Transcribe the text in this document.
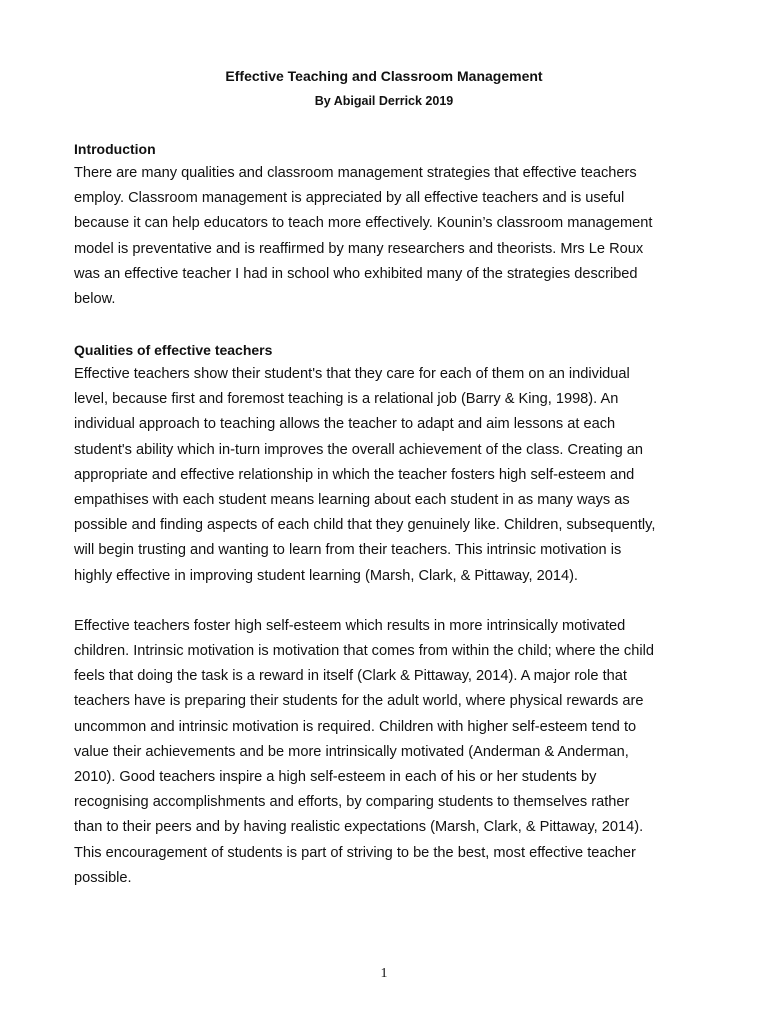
Effective Teaching and Classroom Management
By Abigail Derrick 2019

Introduction

There are many qualities and classroom management strategies that effective teachers

employ. Classroom management is appreciated by all effective teachers and is useful

because it can help educators to teach more effectively. Kounin’s classroom management

model is preventative and is reaffirmed by many researchers and theorists. Mrs Le Roux

was an effective teacher I had in school who exhibited many of the strategies described

below.

Qualities of effective teachers

Effective teachers show their student's that they care for each of them on an individual

level, because first and foremost teaching is a relational job (Barry & King, 1998). An

individual approach to teaching allows the teacher to adapt and aim lessons at each

student's ability which in-turn improves the overall achievement of the class. Creating an

appropriate and effective relationship in which the teacher fosters high self-esteem and

empathises with each student means learning about each student in as many ways as

possible and finding aspects of each child that they genuinely like. Children, subsequently,

will begin trusting and wanting to learn from their teachers. This intrinsic motivation is

highly effective in improving student learning (Marsh, Clark, & Pittaway, 2014).

Effective teachers foster high self-esteem which results in more intrinsically motivated

children. Intrinsic motivation is motivation that comes from within the child; where the child

feels that doing the task is a reward in itself (Clark & Pittaway, 2014). A major role that

teachers have is preparing their students for the adult world, where physical rewards are

uncommon and intrinsic motivation is required. Children with higher self-esteem tend to

value their achievements and be more intrinsically motivated (Anderman & Anderman,

2010). Good teachers inspire a high self-esteem in each of his or her students by

recognising accomplishments and efforts, by comparing students to themselves rather

than to their peers and by having realistic expectations (Marsh, Clark, & Pittaway, 2014).

This encouragement of students is part of striving to be the best, most effective teacher

possible.

1
